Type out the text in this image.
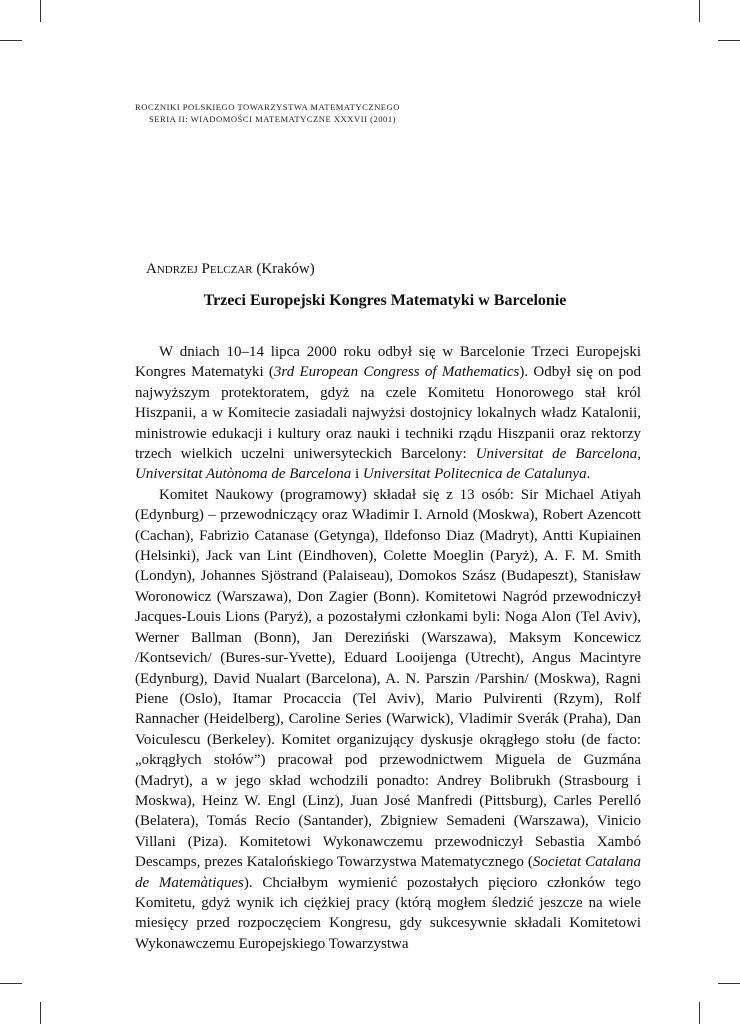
ROCZNIKI POLSKIEGO TOWARZYSTWA MATEMATYCZNEGO
SERIA II: WIADOMOŚCI MATEMATYCZNE XXXVII (2001)
Andrzej Pelczar (Kraków)
Trzeci Europejski Kongres Matematyki w Barcelonie

W dniach 10–14 lipca 2000 roku odbył się w Barcelonie Trzeci Europejski Kongres Matematyki (3rd European Congress of Mathematics). Odbył się on pod najwyższym protektoratem, gdyż na czele Komitetu Honorowego stał król Hiszpanii, a w Komitecie zasiadali najwyżsi dostojnicy lokalnych władz Katalonii, ministrowie edukacji i kultury oraz nauki i techniki rządu Hiszpanii oraz rektorzy trzech wielkich uczelni uniwersyteckich Barcelony: Universitat de Barcelona, Universitat Autònoma de Barcelona i Universitat Politecnica de Catalunya.

Komitet Naukowy (programowy) składał się z 13 osób: Sir Michael Atiyah (Edynburg) – przewodniczący oraz Władimir I. Arnold (Moskwa), Robert Azencott (Cachan), Fabrizio Catanase (Getynga), Ildefonso Diaz (Madryt), Antti Kupiainen (Helsinki), Jack van Lint (Eindhoven), Colette Moeglin (Paryż), A. F. M. Smith (Londyn), Johannes Sjöstrand (Palaiseau), Domokos Szász (Budapeszt), Stanisław Woronowicz (Warszawa), Don Zagier (Bonn). Komitetowi Nagród przewodniczył Jacques-Louis Lions (Paryż), a pozostałymi członkami byli: Noga Alon (Tel Aviv), Werner Ballman (Bonn), Jan Dereziński (Warszawa), Maksym Koncewicz /Kontsevich/ (Bures-sur-Yvette), Eduard Looijenga (Utrecht), Angus Macintyre (Edynburg), David Nualart (Barcelona), A. N. Parszin /Parshin/ (Moskwa), Ragni Piene (Oslo), Itamar Procaccia (Tel Aviv), Mario Pulvirenti (Rzym), Rolf Rannacher (Heidelberg), Caroline Series (Warwick), Vladimir Sverák (Praha), Dan Voiculescu (Berkeley). Komitet organizujący dyskusje okrągłego stołu (de facto: „okrągłych stołów”) pracował pod przewodnictwem Miguela de Guzmána (Madryt), a w jego skład wchodzili ponadto: Andrey Bolibrukh (Strasbourg i Moskwa), Heinz W. Engl (Linz), Juan José Manfredi (Pittsburg), Carles Perelló (Belatera), Tomás Recio (Santander), Zbigniew Semadeni (Warszawa), Vinicio Villani (Piza). Komitetowi Wykonawczemu przewodniczył Sebastia Xambó Descamps, prezes Katalońskiego Towarzystwa Matematycznego (Societat Catalana de Matemàtiques). Chciałbym wymienić pozostałych pięcioro członków tego Komitetu, gdyż wynik ich ciężkiej pracy (którą mogłem śledzić jeszcze na wiele miesięcy przed rozpoczęciem Kongresu, gdy sukcesywnie składali Komitetowi Wykonawczemu Europejskiego Towarzystwa
